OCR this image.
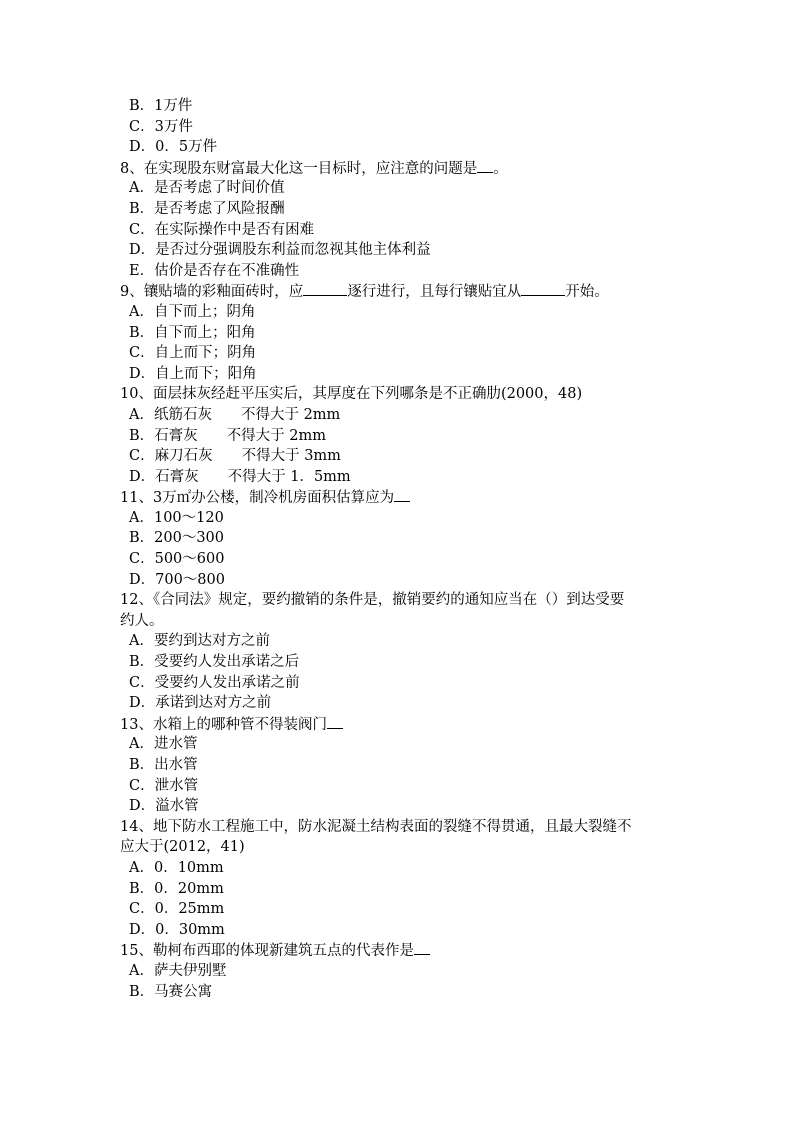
B．1万件
C．3万件
D．0．5万件
8、在实现股东财富最大化这一目标时，应注意的问题是 。
A．是否考虑了时间价值
B．是否考虑了风险报酬
C．在实际操作中是否有困难
D．是否过分强调股东利益而忽视其他主体利益
E．估价是否存在不准确性
9、镶贴墙的彩釉面砖时，应	逐行进行，且每行镶贴宜从	开始。
A．自下而上；阴角
B．自下而上；阳角
C．自上而下；阴角
D．自上而下；阳角
10、面层抹灰经赶平压实后，其厚度在下列哪条是不正确肋(2000，48)
A．纸筋石灰　　不得大于 2mm
B．石膏灰　　不得大于 2mm
C．麻刀石灰　　不得大于 3mm
D．石膏灰　　不得大于 1．5mm
11、3万㎡办公楼，制冷机房面积估算应为
A．100～120
B．200～300
C．500～600
D．700～800
12、《合同法》规定，要约撤销的条件是，撤销要约的通知应当在（）到达受要
约人。
A．要约到达对方之前
B．受要约人发出承诺之后
C．受要约人发出承诺之前
D．承诺到达对方之前
13、水箱上的哪种管不得装阀门
A．进水管
B．出水管
C．泄水管
D．溢水管
14、地下防水工程施工中，防水泥凝土结构表面的裂缝不得贯通，且最大裂缝不
应大于(2012，41)
A．0．10mm
B．0．20mm
C．0．25mm
D．0．30mm
15、勒柯布西耶的体现新建筑五点的代表作是
A．萨夫伊别墅
B．马赛公寓
